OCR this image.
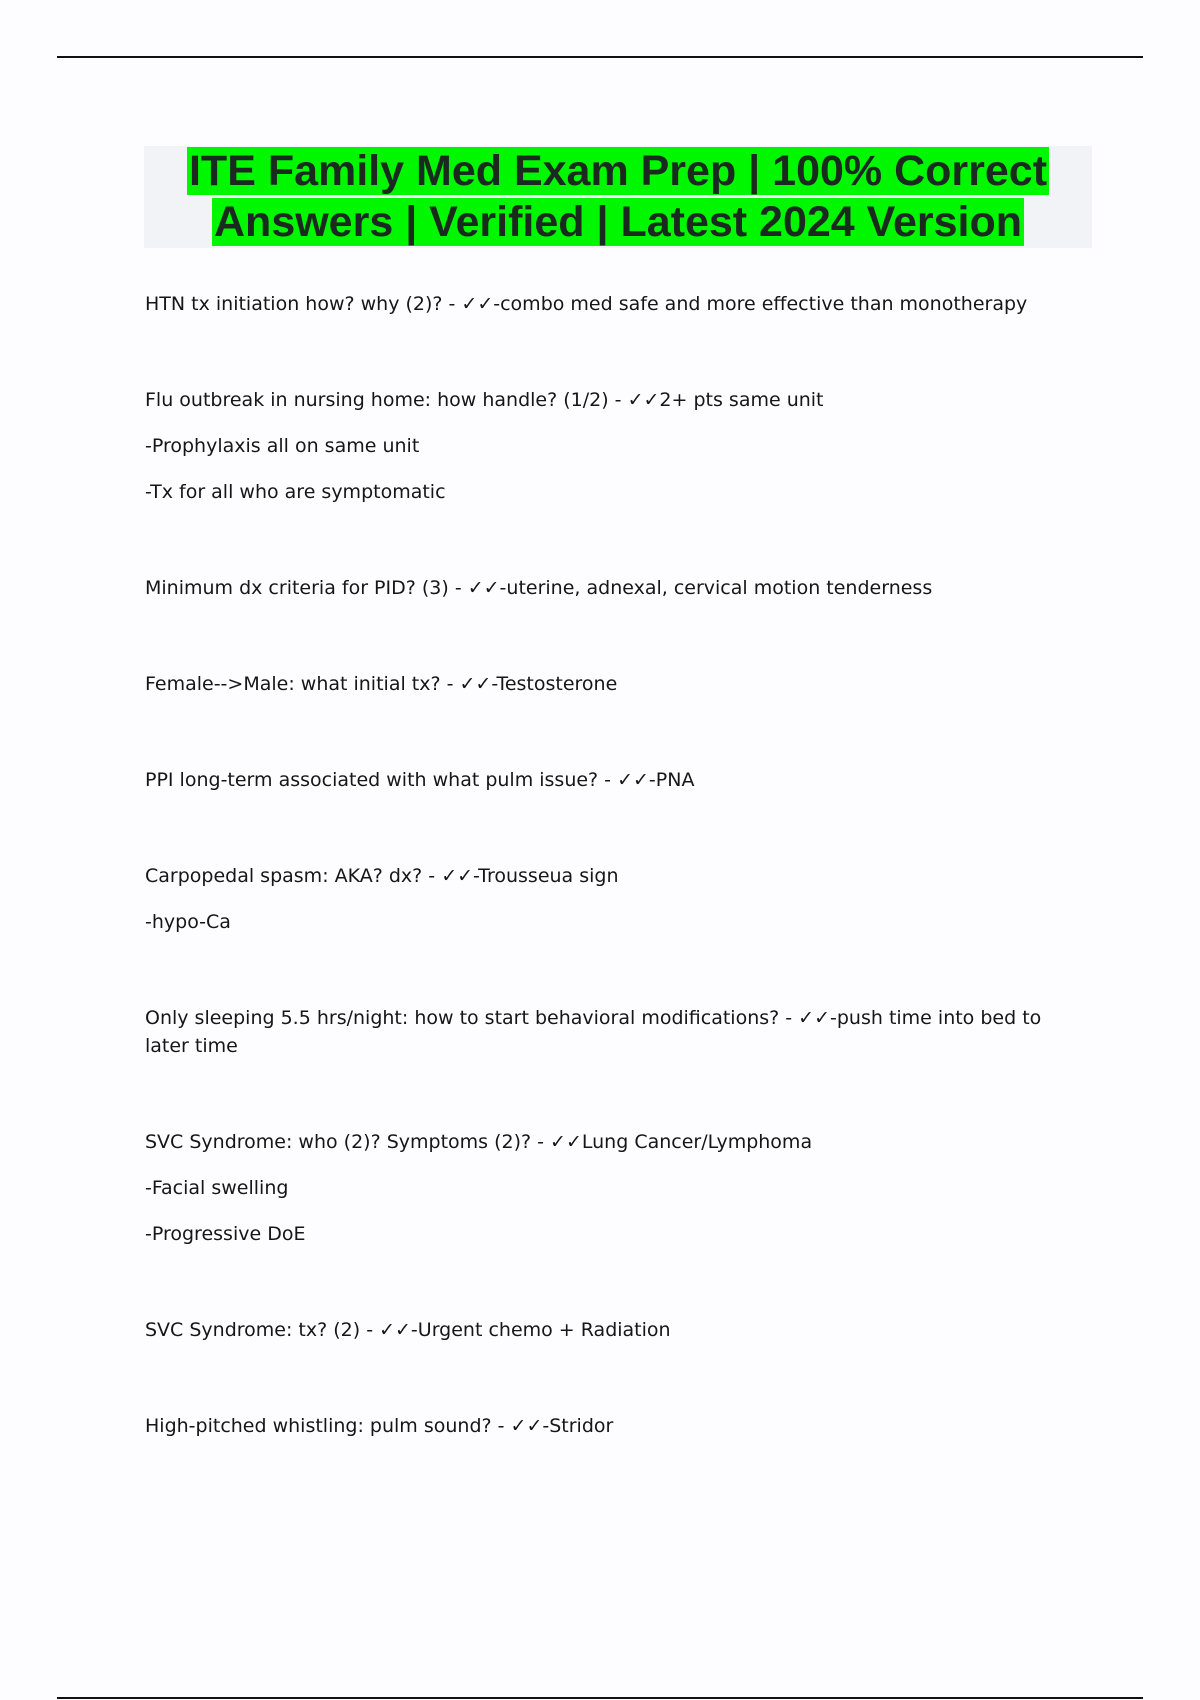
ITE Family Med Exam Prep | 100% Correct
Answers | Verified | Latest 2024 Version

HTN tx initiation how? why (2)? - ✓✓-combo med safe and more effective than monotherapy

Flu outbreak in nursing home: how handle? (1/2) - ✓✓2+ pts same unit

-Prophylaxis all on same unit

-Tx for all who are symptomatic

Minimum dx criteria for PID? (3) - ✓✓-uterine, adnexal, cervical motion tenderness

Female-->Male: what initial tx? - ✓✓-Testosterone

PPI long-term associated with what pulm issue? - ✓✓-PNA

Carpopedal spasm: AKA? dx? - ✓✓-Trousseua sign

-hypo-Ca

Only sleeping 5.5 hrs/night: how to start behavioral modifications? - ✓✓-push time into bed to later time

SVC Syndrome: who (2)? Symptoms (2)? - ✓✓Lung Cancer/Lymphoma

-Facial swelling

-Progressive DoE

SVC Syndrome: tx? (2) - ✓✓-Urgent chemo + Radiation

High-pitched whistling: pulm sound? - ✓✓-Stridor
